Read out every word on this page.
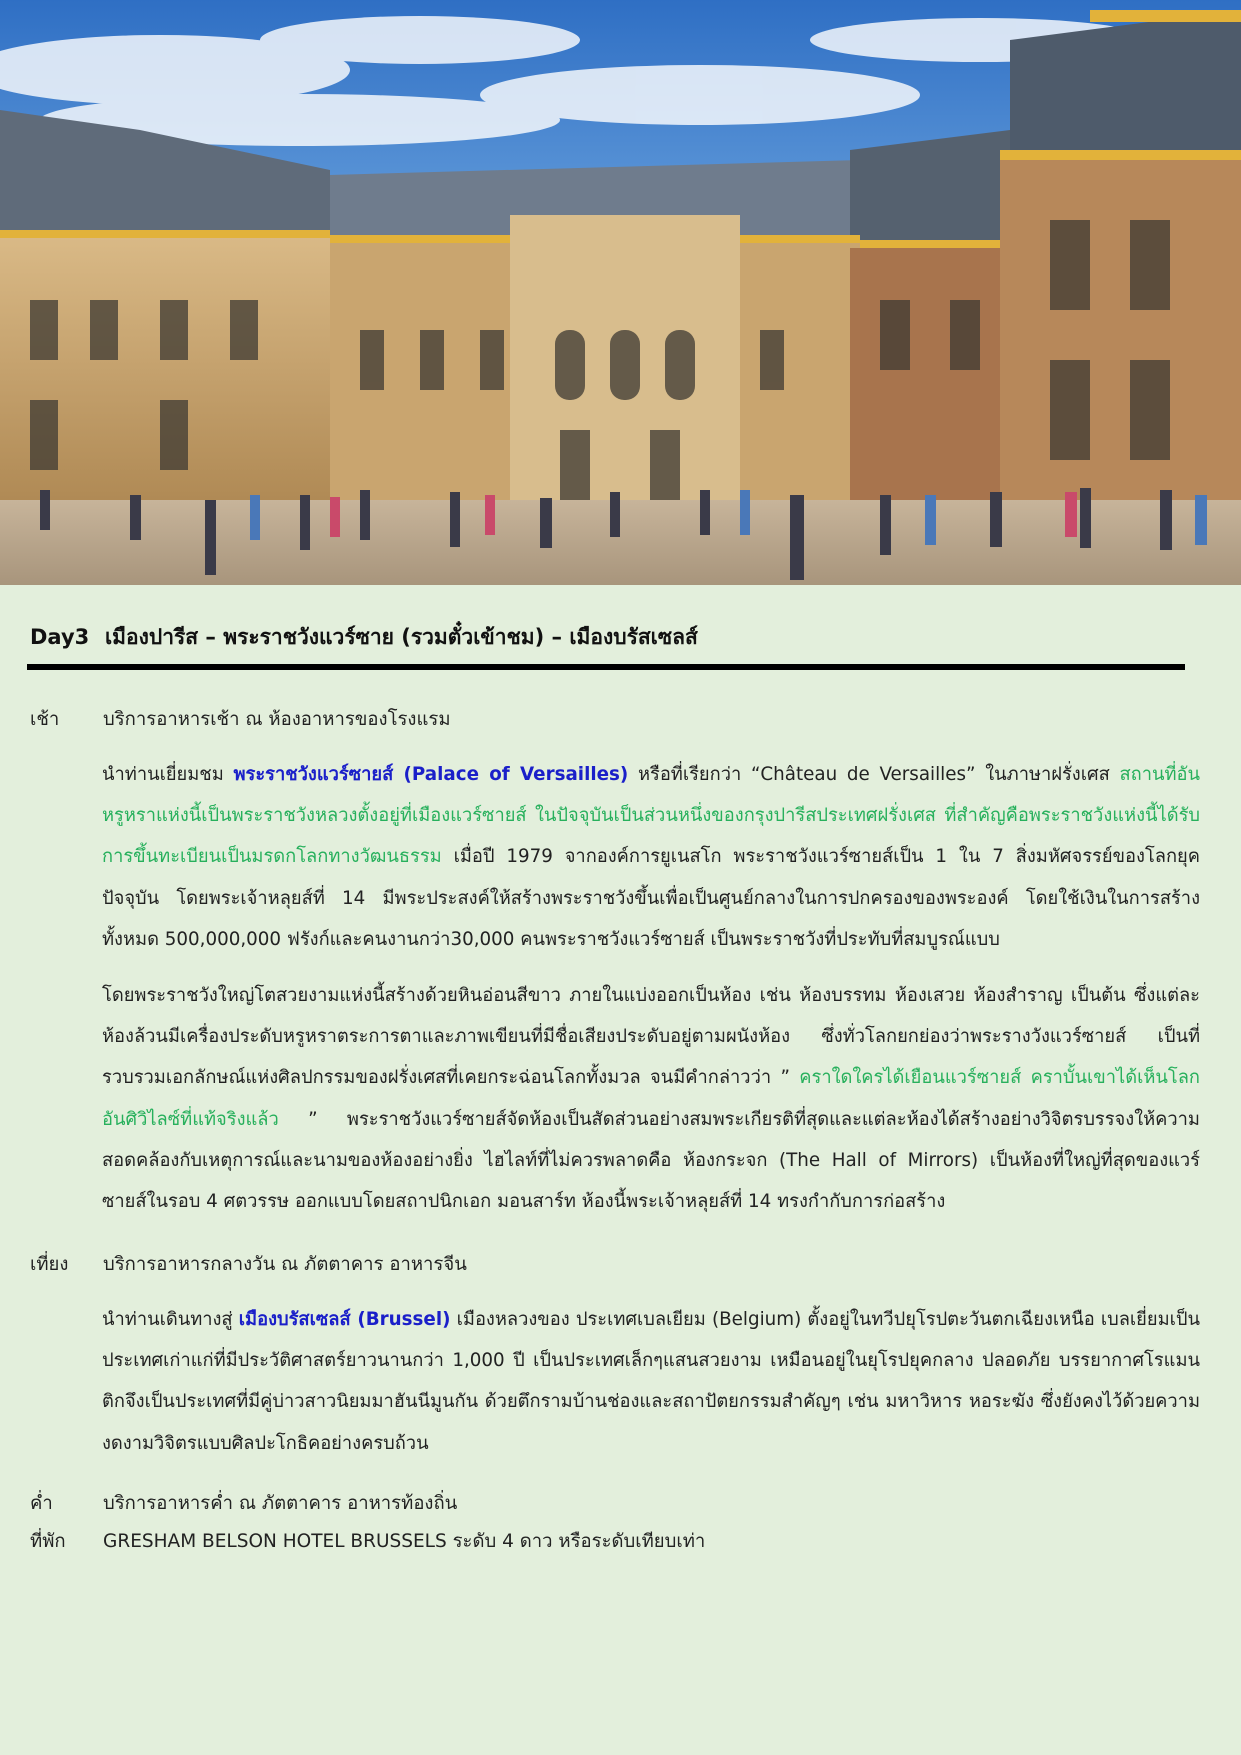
Day3 เมืองปารีส – พระราชวังแวร์ซาย (รวมตั๋วเข้าชม) – เมืองบรัสเซลส์
เช้า บริการอาหารเช้า ณ ห้องอาหารของโรงแรม
นำท่านเยี่ยมชม พระราชวังแวร์ซายส์ (Palace of Versailles) หรือที่เรียกว่า “Château de Versailles” ในภาษาฝรั่งเศส สถานที่อันหรูหราแห่งนี้เป็นพระราชวังหลวงตั้งอยู่ที่เมืองแวร์ซายส์ ในปัจจุบันเป็นส่วนหนึ่งของกรุงปารีสประเทศฝรั่งเศส ที่สำคัญคือพระราชวังแห่งนี้ได้รับการขึ้นทะเบียนเป็นมรดกโลกทางวัฒนธรรม เมื่อปี 1979 จากองค์การยูเนสโก พระราชวังแวร์ซายส์เป็น 1 ใน 7 สิ่งมหัศจรรย์ของโลกยุคปัจจุบัน โดยพระเจ้าหลุยส์ที่ 14 มีพระประสงค์ให้สร้างพระราชวังขึ้นเพื่อเป็นศูนย์กลางในการปกครองของพระองค์ โดยใช้เงินในการสร้างทั้งหมด 500,000,000 ฟรังก์และคนงานกว่า30,000 คนพระราชวังแวร์ซายส์ เป็นพระราชวังที่ประทับที่สมบูรณ์แบบ
โดยพระราชวังใหญ่โตสวยงามแห่งนี้สร้างด้วยหินอ่อนสีขาว ภายในแบ่งออกเป็นห้อง เช่น ห้องบรรทม ห้องเสวย ห้องสำราญ เป็นต้น ซึ่งแต่ละห้องล้วนมีเครื่องประดับหรูหราตระการตาและภาพเขียนที่มีชื่อเสียงประดับอยู่ตามผนังห้อง ซึ่งทั่วโลกยกย่องว่าพระรางวังแวร์ซายส์ เป็นที่รวบรวมเอกลักษณ์แห่งศิลปกรรมของฝรั่งเศสที่เคยกระฉ่อนโลกทั้งมวล จนมีคำกล่าวว่า ” คราใดใครได้เยือนแวร์ซายส์ คราบั้นเขาได้เห็นโลกอันศิวิไลซ์ที่แท้จริงแล้ว ” พระราชวังแวร์ซายส์จัดห้องเป็นสัดส่วนอย่างสมพระเกียรติที่สุดและแต่ละห้องได้สร้างอย่างวิจิตรบรรจงให้ความสอดคล้องกับเหตุการณ์และนามของห้องอย่างยิ่ง ไฮไลท์ที่ไม่ควรพลาดคือ ห้องกระจก (The Hall of Mirrors) เป็นห้องที่ใหญ่ที่สุดของแวร์ซายส์ในรอบ 4 ศตวรรษ ออกแบบโดยสถาปนิกเอก มอนสาร์ท ห้องนี้พระเจ้าหลุยส์ที่ 14 ทรงกำกับการก่อสร้าง
เที่ยง บริการอาหารกลางวัน ณ ภัตตาคาร อาหารจีน
นำท่านเดินทางสู่ เมืองบรัสเซลส์ (Brussel) เมืองหลวงของ ประเทศเบลเยียม (Belgium) ตั้งอยู่ในทวีปยุโรปตะวันตกเฉียงเหนือ เบลเยี่ยมเป็นประเทศเก่าแก่ที่มีประวัติศาสตร์ยาวนานกว่า 1,000 ปี เป็นประเทศเล็กๆแสนสวยงาม เหมือนอยู่ในยุโรปยุคกลาง ปลอดภัย บรรยากาศโรแมนติกจึงเป็นประเทศที่มีคู่บ่าวสาวนิยมมาฮันนีมูนกัน ด้วยตึกรามบ้านช่องและสถาปัตยกรรมสำคัญๆ เช่น มหาวิหาร หอระฆัง ซึ่งยังคงไว้ด้วยความงดงามวิจิตรแบบศิลปะโกธิคอย่างครบถ้วน
ค่ำ	บริการอาหารค่ำ ณ ภัตตาคาร อาหารท้องถิ่น
ที่พัก GRESHAM BELSON HOTEL BRUSSELS ระดับ 4 ดาว หรือระดับเทียบเท่า
